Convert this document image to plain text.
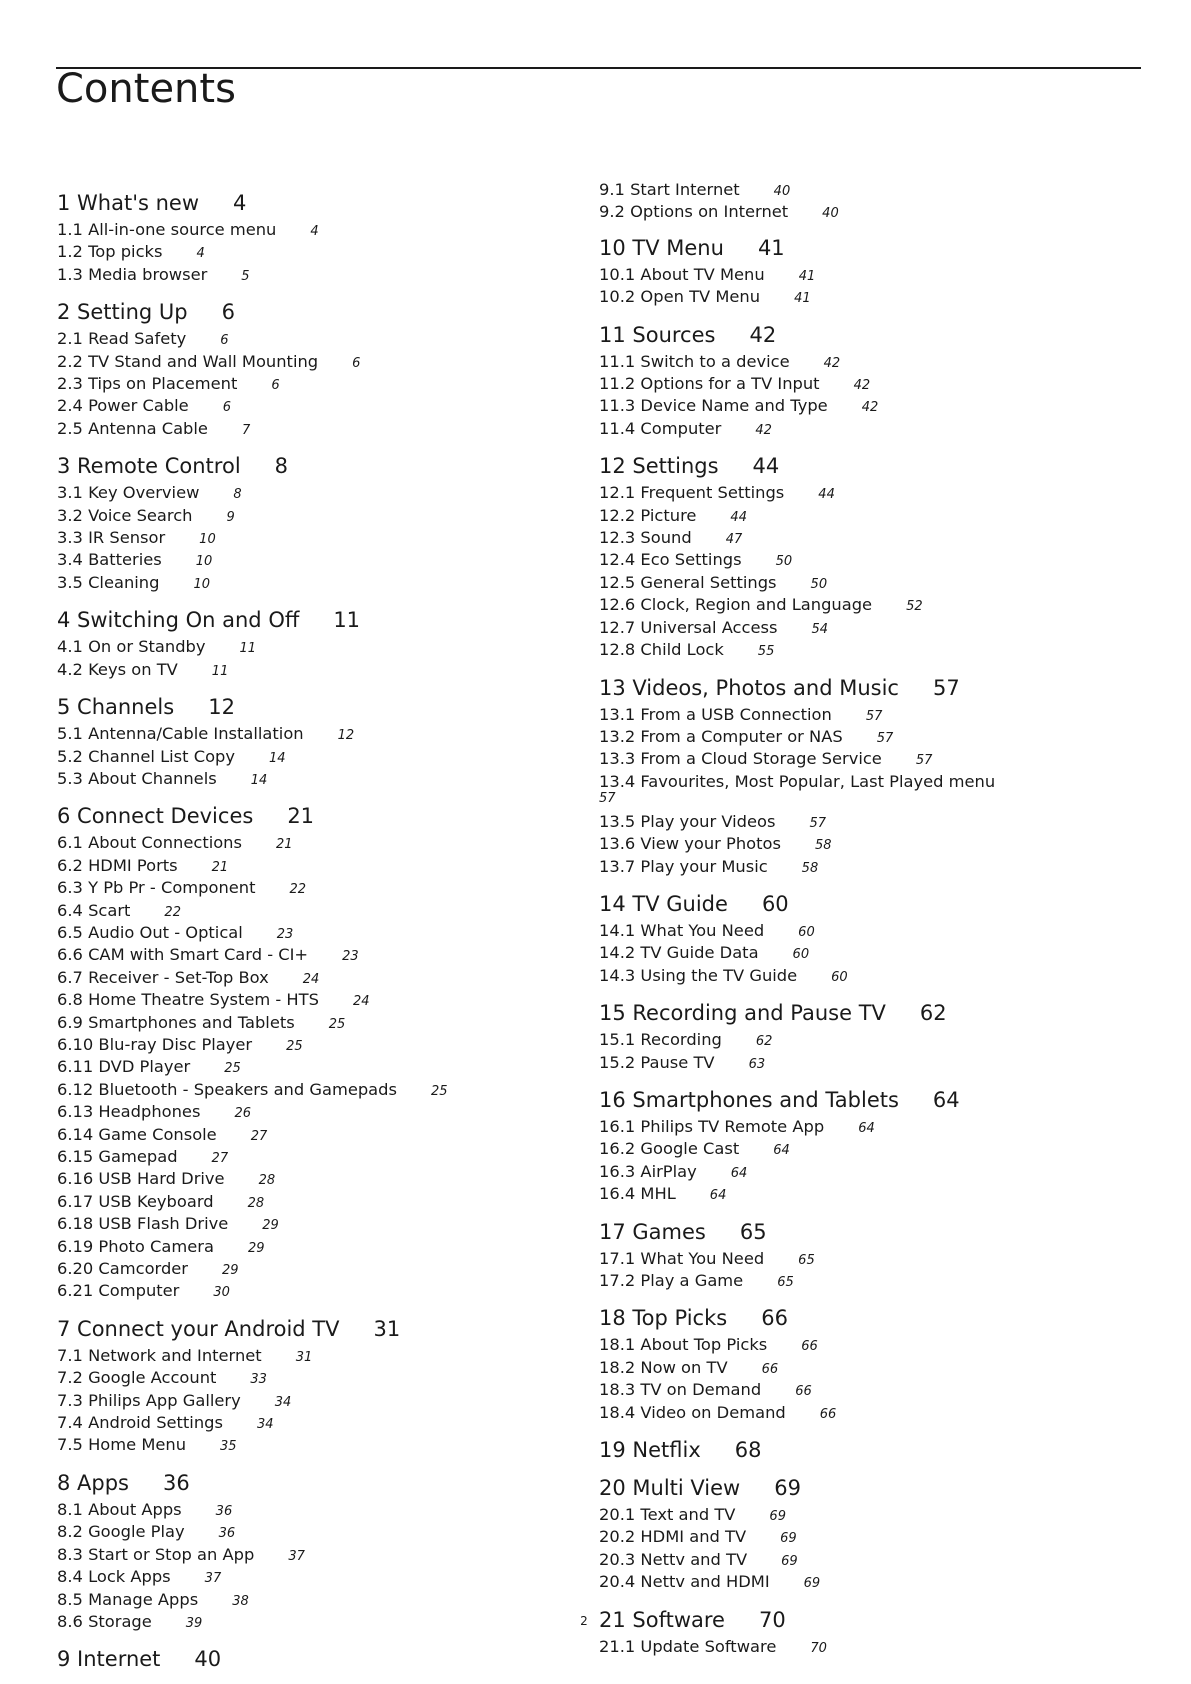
Contents
1 What's new 4
1.1 All-in-one source menu	4
1.2 Top picks	4
1.3 Media browser	5
2 Setting Up 6
2.1 Read Safety	6
2.2 TV Stand and Wall Mounting	6
2.3 Tips on Placement	6
2.4 Power Cable	6
2.5 Antenna Cable	7
3 Remote Control 8
3.1 Key Overview	8
3.2 Voice Search	9
3.3 IR Sensor	10
3.4 Batteries	10
3.5 Cleaning	10
4 Switching On and Off 11
4.1 On or Standby	11
4.2 Keys on TV	11
5 Channels 12
5.1 Antenna/Cable Installation	12
5.2 Channel List Copy	14
5.3 About Channels	14
6 Connect Devices 21
6.1 About Connections	21
6.2 HDMI Ports	21
6.3 Y Pb Pr - Component	22
6.4 Scart	22
6.5 Audio Out - Optical	23
6.6 CAM with Smart Card - CI+	23
6.7 Receiver - Set-Top Box	24
6.8 Home Theatre System - HTS	24
6.9 Smartphones and Tablets	25
6.10 Blu-ray Disc Player	25
6.11 DVD Player	25
6.12 Bluetooth - Speakers and Gamepads	25
6.13 Headphones	26
6.14 Game Console	27
6.15 Gamepad	27
6.16 USB Hard Drive	28
6.17 USB Keyboard	28
6.18 USB Flash Drive	29
6.19 Photo Camera	29
6.20 Camcorder	29
6.21 Computer	30
7 Connect your Android TV 31
7.1 Network and Internet	31
7.2 Google Account	33
7.3 Philips App Gallery	34
7.4 Android Settings	34
7.5 Home Menu	35
8 Apps 36
8.1 About Apps	36
8.2 Google Play	36
8.3 Start or Stop an App	37
8.4 Lock Apps	37
8.5 Manage Apps	38
8.6 Storage	39
9 Internet 40
9.1 Start Internet	40
9.2 Options on Internet	40
10 TV Menu 41
10.1 About TV Menu	41
10.2 Open TV Menu	41
11 Sources 42
11.1 Switch to a device	42
11.2 Options for a TV Input	42
11.3 Device Name and Type	42
11.4 Computer	42
12 Settings 44
12.1 Frequent Settings	44
12.2 Picture	44
12.3 Sound	47
12.4 Eco Settings	50
12.5 General Settings	50
12.6 Clock, Region and Language	52
12.7 Universal Access	54
12.8 Child Lock	55
13 Videos, Photos and Music 57
13.1 From a USB Connection	57
13.2 From a Computer or NAS	57
13.3 From a Cloud Storage Service	57
13.4 Favourites, Most Popular, Last Played menu
57
13.5 Play your Videos	57
13.6 View your Photos	58
13.7 Play your Music	58
14 TV Guide 60
14.1 What You Need	60
14.2 TV Guide Data	60
14.3 Using the TV Guide	60
15 Recording and Pause TV 62
15.1 Recording	62
15.2 Pause TV	63
16 Smartphones and Tablets 64
16.1 Philips TV Remote App	64
16.2 Google Cast	64
16.3 AirPlay	64
16.4 MHL	64
17 Games 65
17.1 What You Need	65
17.2 Play a Game	65
18 Top Picks 66
18.1 About Top Picks	66
18.2 Now on TV	66
18.3 TV on Demand	66
18.4 Video on Demand	66
19 Netflix 68
20 Multi View 69
20.1 Text and TV	69
20.2 HDMI and TV	69
20.3 Nettv and TV	69
20.4 Nettv and HDMI	69
21 Software 70
21.1 Update Software	70
2
